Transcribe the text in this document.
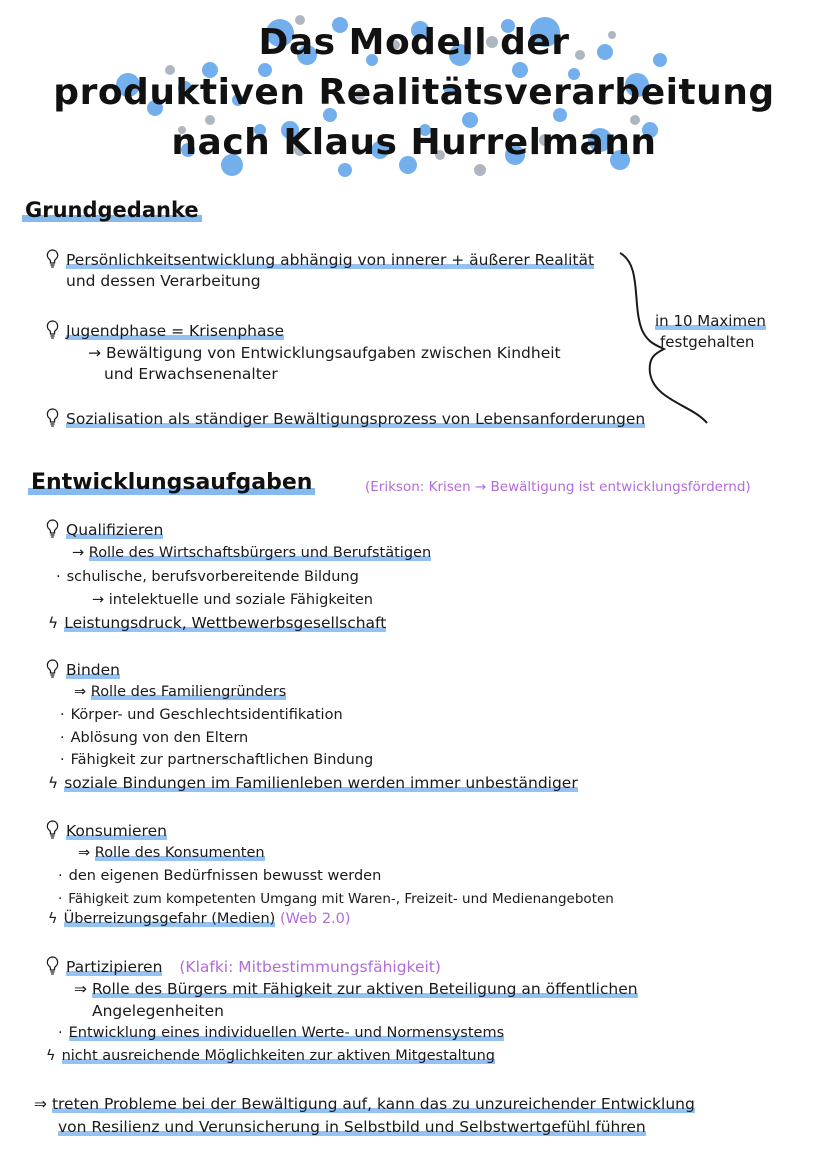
Das Modell der
produktiven Realitätsverarbeitung
nach Klaus Hurrelmann
Grundgedanke
Persönlichkeitsentwicklung abhängig von innerer + äußerer Realität
und dessen Verarbeitung
Jugendphase = Krisenphase
→ Bewältigung von Entwicklungsaufgaben zwischen Kindheit
und Erwachsenenalter
Sozialisation als ständiger Bewältigungsprozess von Lebensanforderungen
in 10 Maximen
festgehalten
Entwicklungsaufgaben	(Erikson: Krisen → Bewältigung ist entwicklungsfördernd)
Qualifizieren
→ Rolle des Wirtschaftsbürgers und Berufstätigen
· schulische, berufsvorbereitende Bildung
→ intelektuelle und soziale Fähigkeiten
ϟ Leistungsdruck, Wettbewerbsgesellschaft
Binden
⇒ Rolle des Familiengründers
· Körper- und Geschlechtsidentifikation
· Ablösung von den Eltern
· Fähigkeit zur partnerschaftlichen Bindung
ϟ soziale Bindungen im Familienleben werden immer unbeständiger
Konsumieren
⇒ Rolle des Konsumenten
· den eigenen Bedürfnissen bewusst werden
· Fähigkeit zum kompetenten Umgang mit Waren-, Freizeit- und Medienangeboten
ϟ Überreizungsgefahr (Medien) (Web 2.0)
Partizipieren (Klafki: Mitbestimmungsfähigkeit)
⇒ Rolle des Bürgers mit Fähigkeit zur aktiven Beteiligung an öffentlichen
Angelegenheiten
· Entwicklung eines individuellen Werte- und Normensystems
ϟ nicht ausreichende Möglichkeiten zur aktiven Mitgestaltung
⇒ treten Probleme bei der Bewältigung auf, kann das zu unzureichender Entwicklung
von Resilienz und Verunsicherung in Selbstbild und Selbstwertgefühl führen
